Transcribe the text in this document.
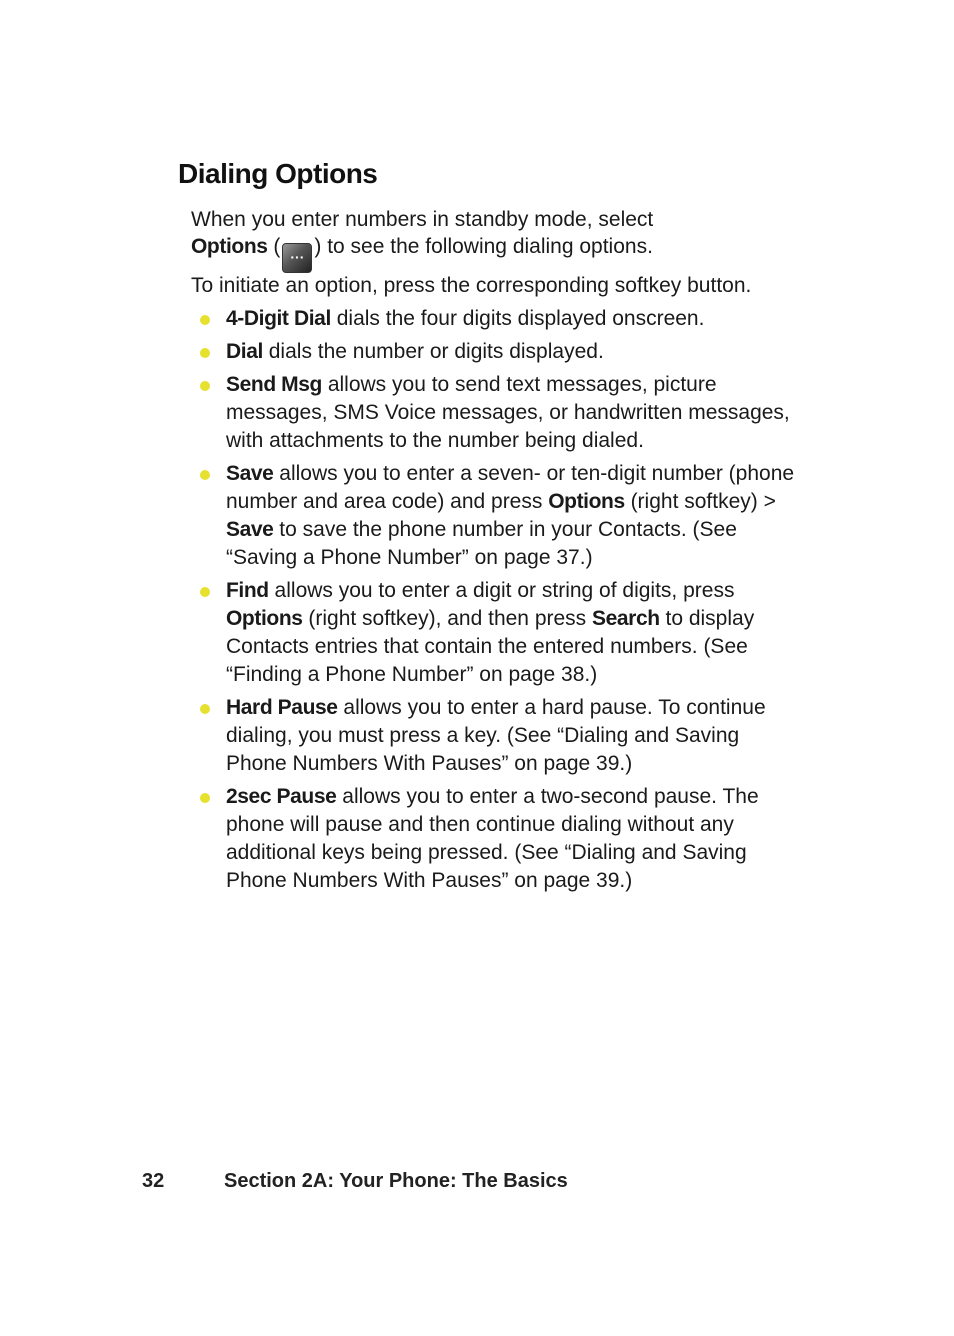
Dialing Options

When you enter numbers in standby mode, select
Options ( ··· ) to see the following dialing options.

To initiate an option, press the corresponding softkey button.

4-Digit Dial dials the four digits displayed onscreen.
Dial dials the number or digits displayed.
Send Msg allows you to send text messages, picture messages, SMS Voice messages, or handwritten messages, with attachments to the number being dialed.
Save allows you to enter a seven- or ten-digit number (phone number and area code) and press Options (right softkey) > Save to save the phone number in your Contacts. (See “Saving a Phone Number” on page 37.)
Find allows you to enter a digit or string of digits, press Options (right softkey), and then press Search to display Contacts entries that contain the entered numbers. (See “Finding a Phone Number” on page 38.)
Hard Pause allows you to enter a hard pause. To continue dialing, you must press a key. (See “Dialing and Saving Phone Numbers With Pauses” on page 39.)
2sec Pause allows you to enter a two-second pause. The phone will pause and then continue dialing without any additional keys being pressed. (See “Dialing and Saving Phone Numbers With Pauses” on page 39.)
32	Section 2A: Your Phone: The Basics
